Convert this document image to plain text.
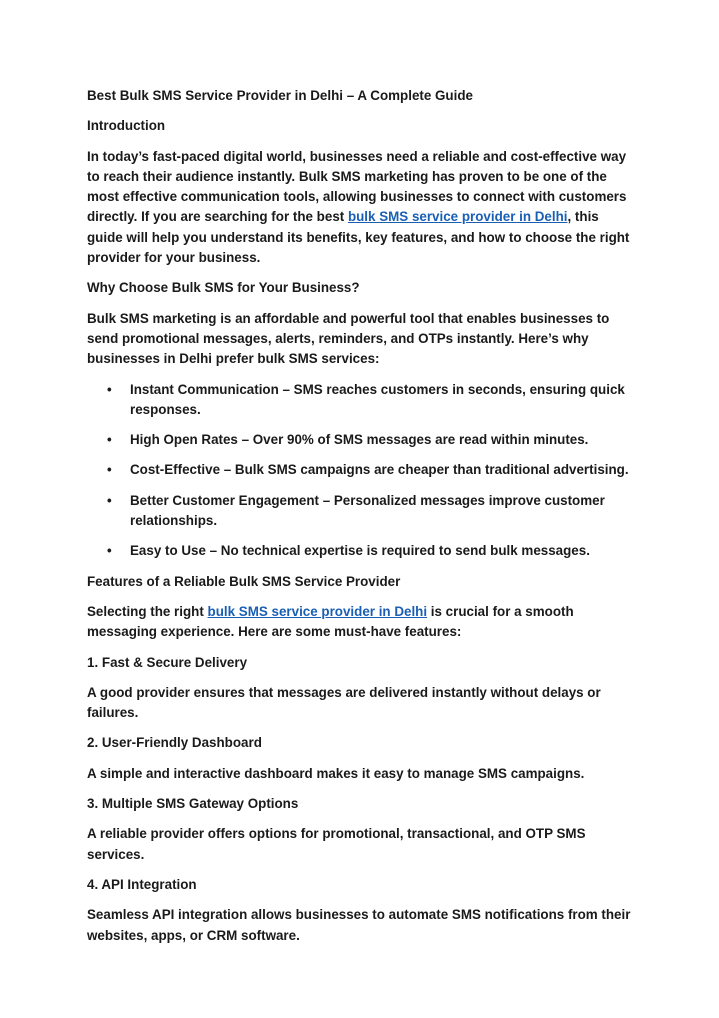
Best Bulk SMS Service Provider in Delhi – A Complete Guide

Introduction

In today’s fast-paced digital world, businesses need a reliable and cost-effective way to reach their audience instantly. Bulk SMS marketing has proven to be one of the most effective communication tools, allowing businesses to connect with customers directly. If you are searching for the best bulk SMS service provider in Delhi, this guide will help you understand its benefits, key features, and how to choose the right provider for your business.

Why Choose Bulk SMS for Your Business?

Bulk SMS marketing is an affordable and powerful tool that enables businesses to send promotional messages, alerts, reminders, and OTPs instantly. Here’s why businesses in Delhi prefer bulk SMS services:

• Instant Communication – SMS reaches customers in seconds, ensuring quick responses.
• High Open Rates – Over 90% of SMS messages are read within minutes.
• Cost-Effective – Bulk SMS campaigns are cheaper than traditional advertising.
• Better Customer Engagement – Personalized messages improve customer relationships.
• Easy to Use – No technical expertise is required to send bulk messages.

Features of a Reliable Bulk SMS Service Provider

Selecting the right bulk SMS service provider in Delhi is crucial for a smooth messaging experience. Here are some must-have features:

1. Fast & Secure Delivery

A good provider ensures that messages are delivered instantly without delays or failures.

2. User-Friendly Dashboard

A simple and interactive dashboard makes it easy to manage SMS campaigns.

3. Multiple SMS Gateway Options

A reliable provider offers options for promotional, transactional, and OTP SMS services.

4. API Integration

Seamless API integration allows businesses to automate SMS notifications from their websites, apps, or CRM software.
